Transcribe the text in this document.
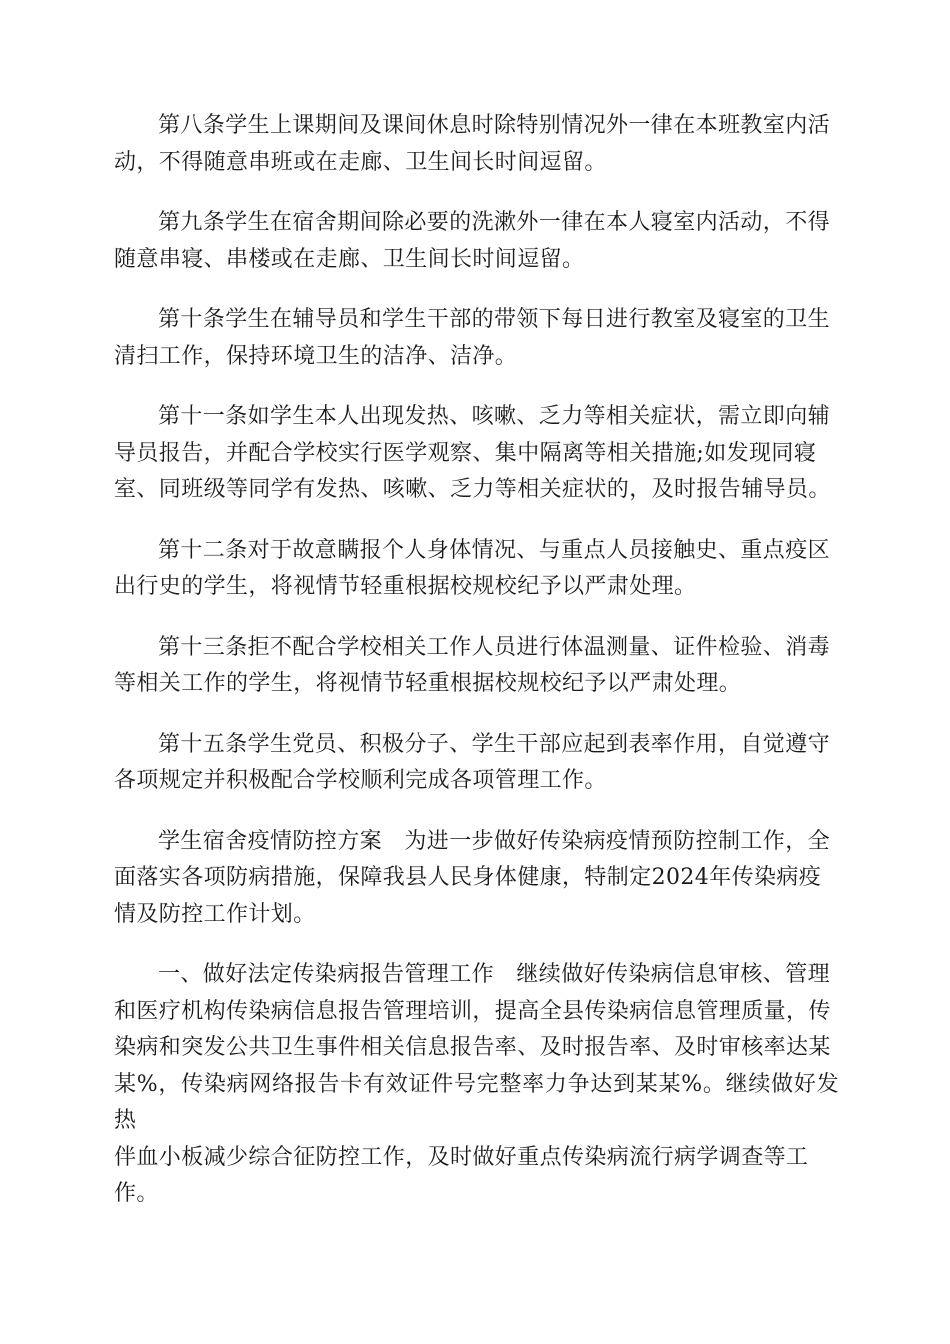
第八条学生上课期间及课间休息时除特别情况外一律在本班教室内活
动，不得随意串班或在走廊、卫生间长时间逗留。

第九条学生在宿舍期间除必要的洗漱外一律在本人寝室内活动，不得
随意串寝、串楼或在走廊、卫生间长时间逗留。

第十条学生在辅导员和学生干部的带领下每日进行教室及寝室的卫生
清扫工作，保持环境卫生的洁净、洁净。

第十一条如学生本人出现发热、咳嗽、乏力等相关症状，需立即向辅
导员报告，并配合学校实行医学观察、集中隔离等相关措施;如发现同寝
室、同班级等同学有发热、咳嗽、乏力等相关症状的，及时报告辅导员。

第十二条对于故意瞒报个人身体情况、与重点人员接触史、重点疫区
出行史的学生，将视情节轻重根据校规校纪予以严肃处理。

第十三条拒不配合学校相关工作人员进行体温测量、证件检验、消毒
等相关工作的学生，将视情节轻重根据校规校纪予以严肃处理。

第十五条学生党员、积极分子、学生干部应起到表率作用，自觉遵守
各项规定并积极配合学校顺利完成各项管理工作。

学生宿舍疫情防控方案　为进一步做好传染病疫情预防控制工作，全
面落实各项防病措施，保障我县人民身体健康，特制定2024年传染病疫
情及防控工作计划。

一、做好法定传染病报告管理工作　继续做好传染病信息审核、管理
和医疗机构传染病信息报告管理培训，提高全县传染病信息管理质量，传
染病和突发公共卫生事件相关信息报告率、及时报告率、及时审核率达某
某%，传染病网络报告卡有效证件号完整率力争达到某某%。继续做好发热
伴血小板减少综合征防控工作，及时做好重点传染病流行病学调查等工
作。
